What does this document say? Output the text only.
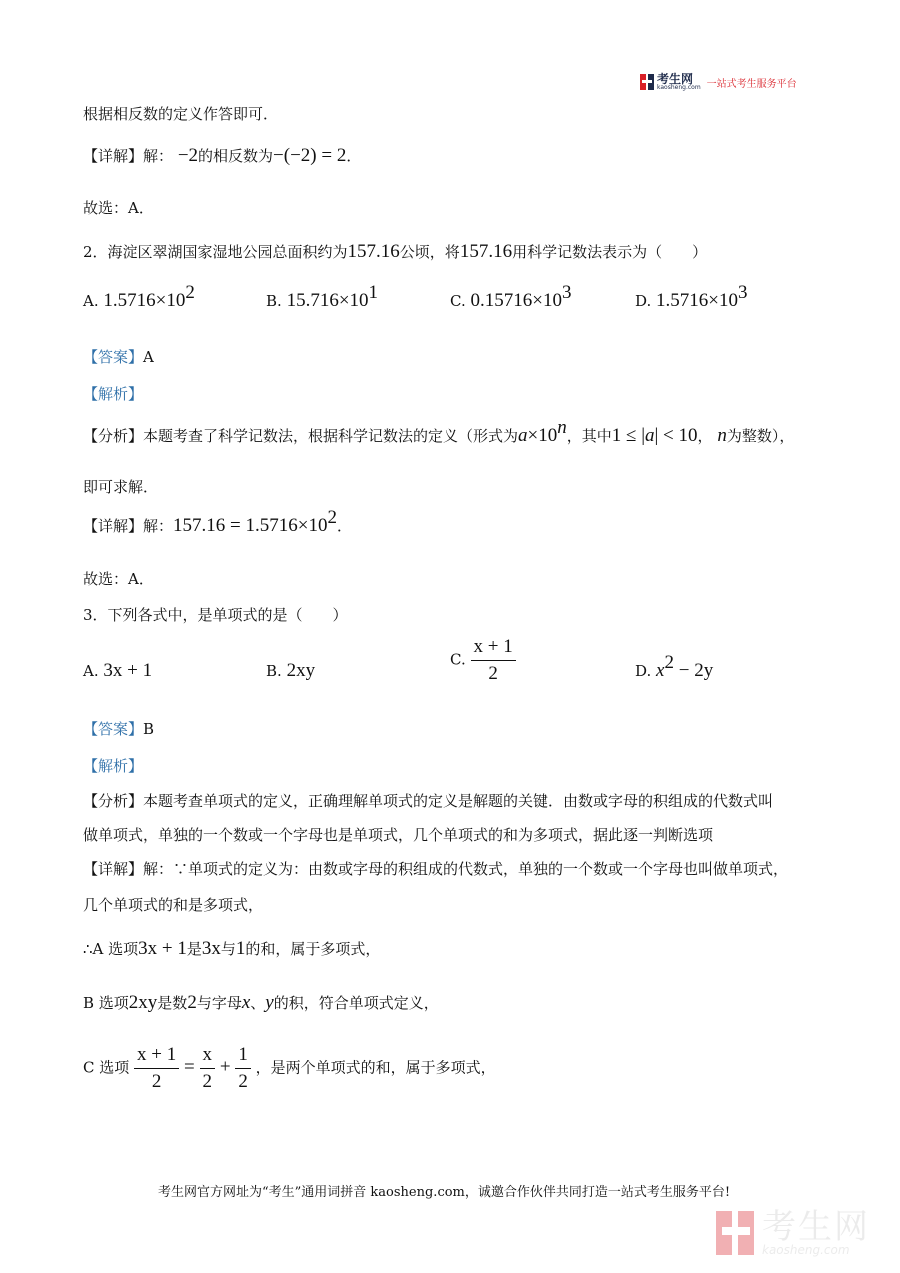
考生网
kaosheng.com 一站式考生服务平台
根据相反数的定义作答即可．
【详解】解： −2的相反数为−(−2) = 2．
故选：A．
2．海淀区翠湖国家湿地公园总面积约为157.16公顷，将157.16用科学记数法表示为（　　）
A. $1.5716\times 10^2$	B. $15.716\times 10^1$	C. $0.15716\times 10^3$	D. $1.5716\times 10^3$
【答案】A
【解析】
【分析】本题考查了科学记数法，根据科学记数法的定义（形式为$a\times 10^n$，其中1 ≤ |a| < 10， n为整数），
即可求解．
【详解】解：$157.16 = 1.5716\times 10^2$．
故选：A．
3．下列各式中，是单项式的是（　　）
A. 3x + 1	B. 2xy
C. $\frac{x + 1}{2}$	D. $x^2 - 2y$
【答案】B
【解析】
【分析】本题考查单项式的定义，正确理解单项式的定义是解题的关键．由数或字母的积组成的代数式叫
做单项式，单独的一个数或一个字母也是单项式，几个单项式的和为多项式，据此逐一判断选项
【详解】解：∵单项式的定义为：由数或字母的积组成的代数式，单独的一个数或一个字母也叫做单项式，
几个单项式的和是多项式，
∴A 选项3x + 1是3x与1的和，属于多项式，
B 选项2xy是数2与字母x、y的积，符合单项式定义，
C 选项 $\frac{x + 1}{2} = \frac{x}{2} + \frac{1}{2}$ ，是两个单项式的和，属于多项式，
考生网官方网址为“考生”通用词拼音 kaosheng.com，诚邀合作伙伴共同打造一站式考生服务平台!
考生网
kaosheng.com
